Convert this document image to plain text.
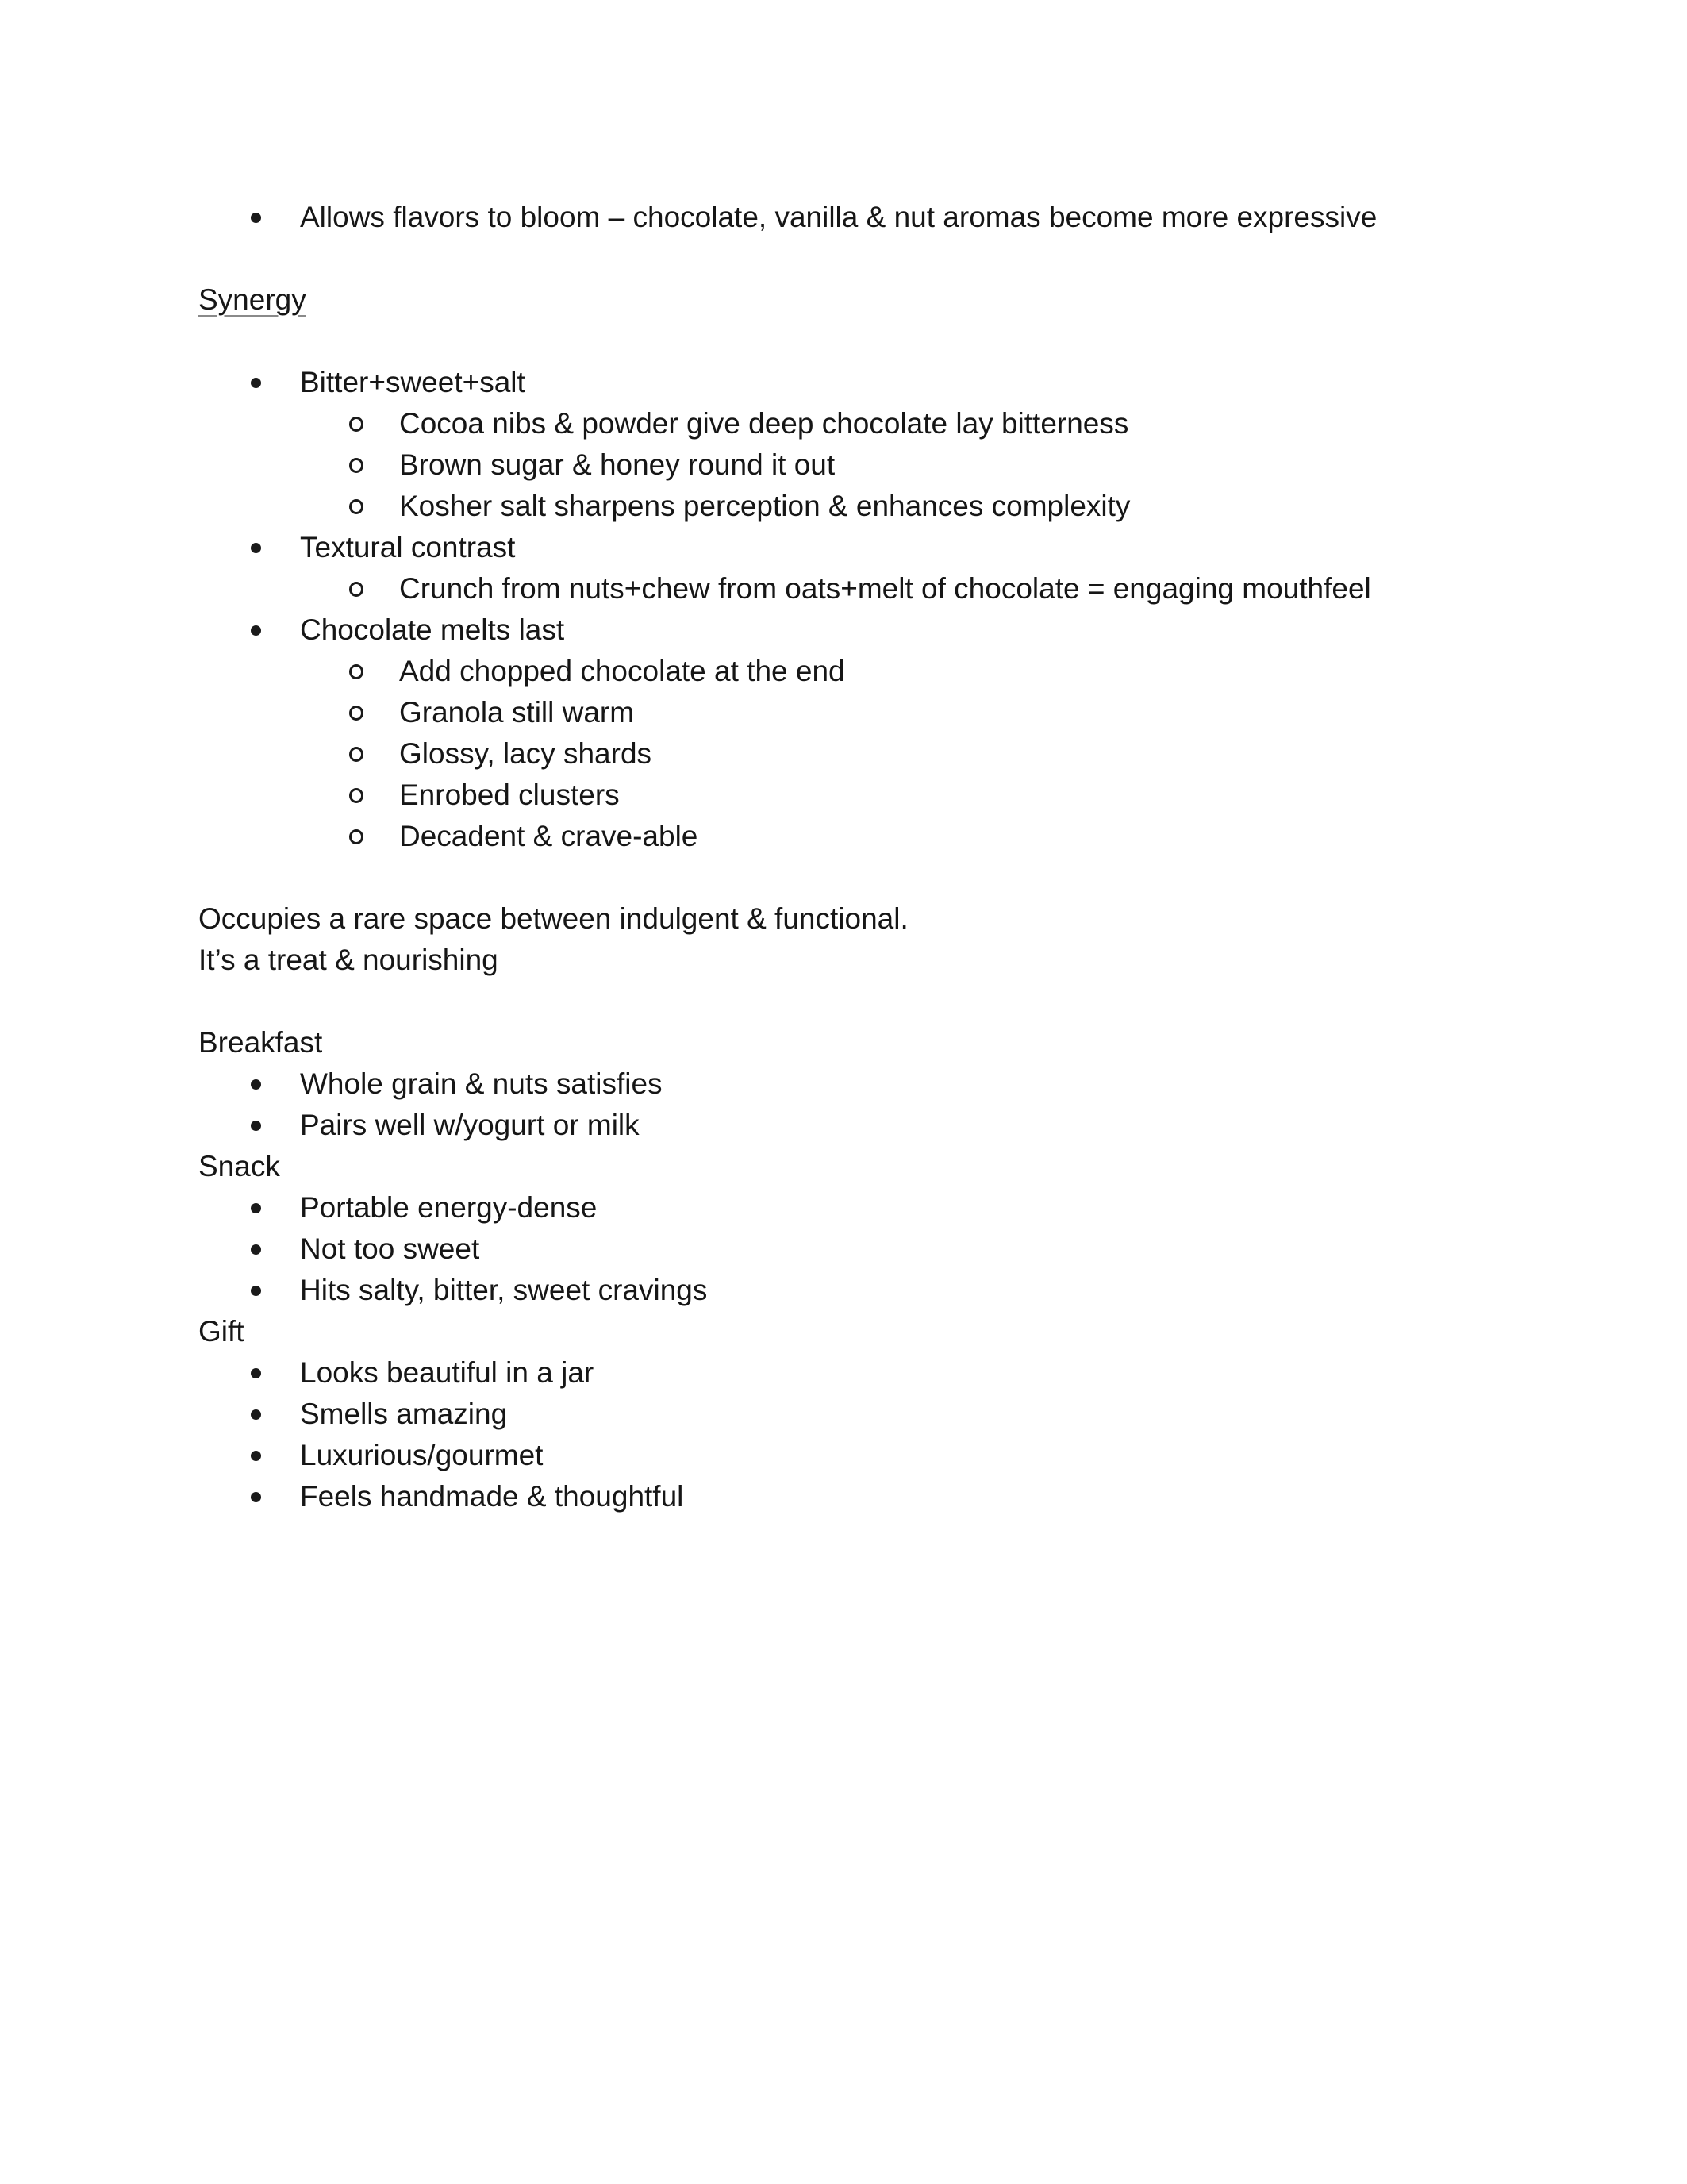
Allows flavors to bloom – chocolate, vanilla & nut aromas become more expressive
Synergy
Bitter+sweet+salt
Cocoa nibs & powder give deep chocolate lay bitterness
Brown sugar & honey round it out
Kosher salt sharpens perception & enhances complexity
Textural contrast
Crunch from nuts+chew from oats+melt of chocolate = engaging mouthfeel
Chocolate melts last
Add chopped chocolate at the end
Granola still warm
Glossy, lacy shards
Enrobed clusters
Decadent & crave-able
Occupies a rare space between indulgent & functional.
It’s a treat & nourishing
Breakfast
Whole grain & nuts satisfies
Pairs well w/yogurt or milk
Snack
Portable energy-dense
Not too sweet
Hits salty, bitter, sweet cravings
Gift
Looks beautiful in a jar
Smells amazing
Luxurious/gourmet
Feels handmade & thoughtful
